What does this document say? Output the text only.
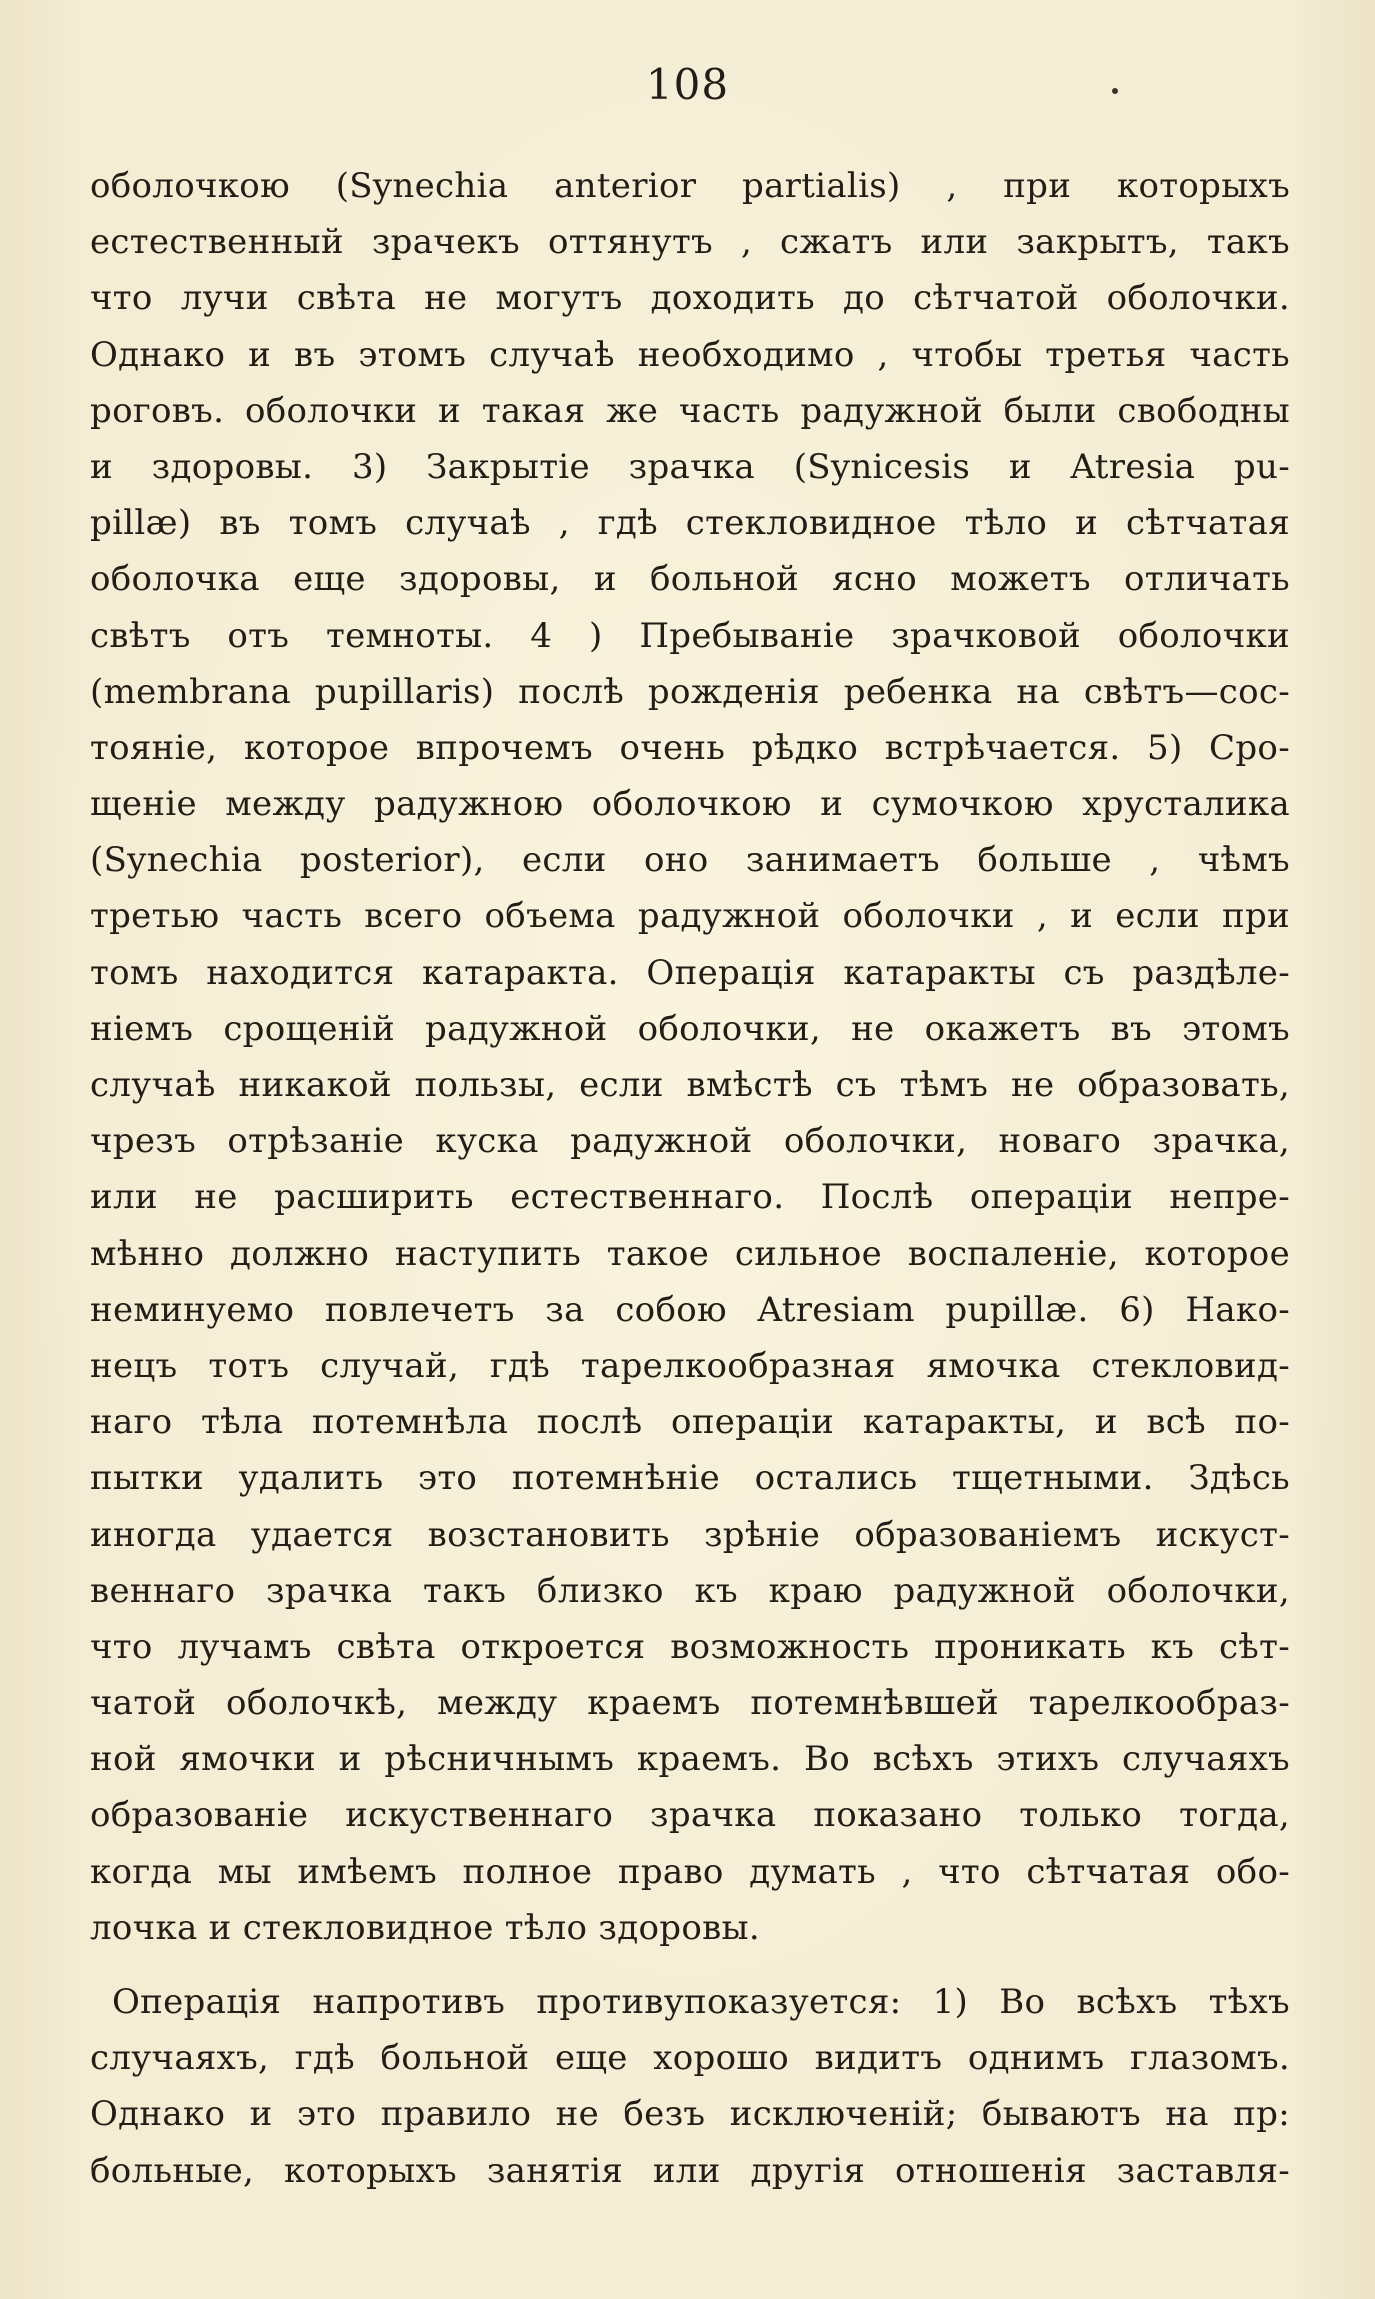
108
оболочкою (Synechia anterior partialis) , при которыхъ
естественный зрачекъ оттянутъ , сжатъ или закрытъ, такъ
что лучи свѣта не могутъ доходить до сѣтчатой оболочки.
Однако и въ этомъ случаѣ необходимо , чтобы третья часть
роговъ. оболочки и такая же часть радужной были свободны
и здоровы. 3) Закрытіе зрачка (Synicesis и Atresia pu-
pillæ) въ томъ случаѣ , гдѣ стекловидное тѣло и сѣтчатая
оболочка еще здоровы, и больной ясно можетъ отличать
свѣтъ отъ темноты. 4 ) Пребываніе зрачковой оболочки
(membrana pupillaris) послѣ рожденія ребенка на свѣтъ—сос-
тояніе, которое впрочемъ очень рѣдко встрѣчается. 5) Сро-
щеніе между радужною оболочкою и сумочкою хрусталика
(Synechia posterior), если оно занимаетъ больше , чѣмъ
третью часть всего объема радужной оболочки , и если при
томъ находится катаракта. Операція катаракты съ раздѣле-
ніемъ срощеній радужной оболочки, не окажетъ въ этомъ
случаѣ никакой пользы, если вмѣстѣ съ тѣмъ не образовать,
чрезъ отрѣзаніе куска радужной оболочки, новаго зрачка,
или не расширить естественнаго. Послѣ операціи непре-
мѣнно должно наступить такое сильное воспаленіе, которое
неминуемо повлечетъ за собою Atresiam pupillæ. 6) Нако-
нецъ тотъ случай, гдѣ тарелкообразная ямочка стекловид-
наго тѣла потемнѣла послѣ операціи катаракты, и всѣ по-
пытки удалить это потемнѣніе остались тщетными. Здѣсь
иногда удается возстановить зрѣніе образованіемъ искуст-
веннаго зрачка такъ близко къ краю радужной оболочки,
что лучамъ свѣта откроется возможность проникать къ сѣт-
чатой оболочкѣ, между краемъ потемнѣвшей тарелкообраз-
ной ямочки и рѣсничнымъ краемъ. Во всѣхъ этихъ случаяхъ
образованіе искуственнаго зрачка показано только тогда,
когда мы имѣемъ полное право думать , что сѣтчатая обо-
лочка и стекловидное тѣло здоровы.
Операція напротивъ противупоказуется: 1) Во всѣхъ тѣхъ
случаяхъ, гдѣ больной еще хорошо видитъ однимъ глазомъ.
Однако и это правило не безъ исключеній; бываютъ на пр:
больные, которыхъ занятія или другія отношенія заставля-
